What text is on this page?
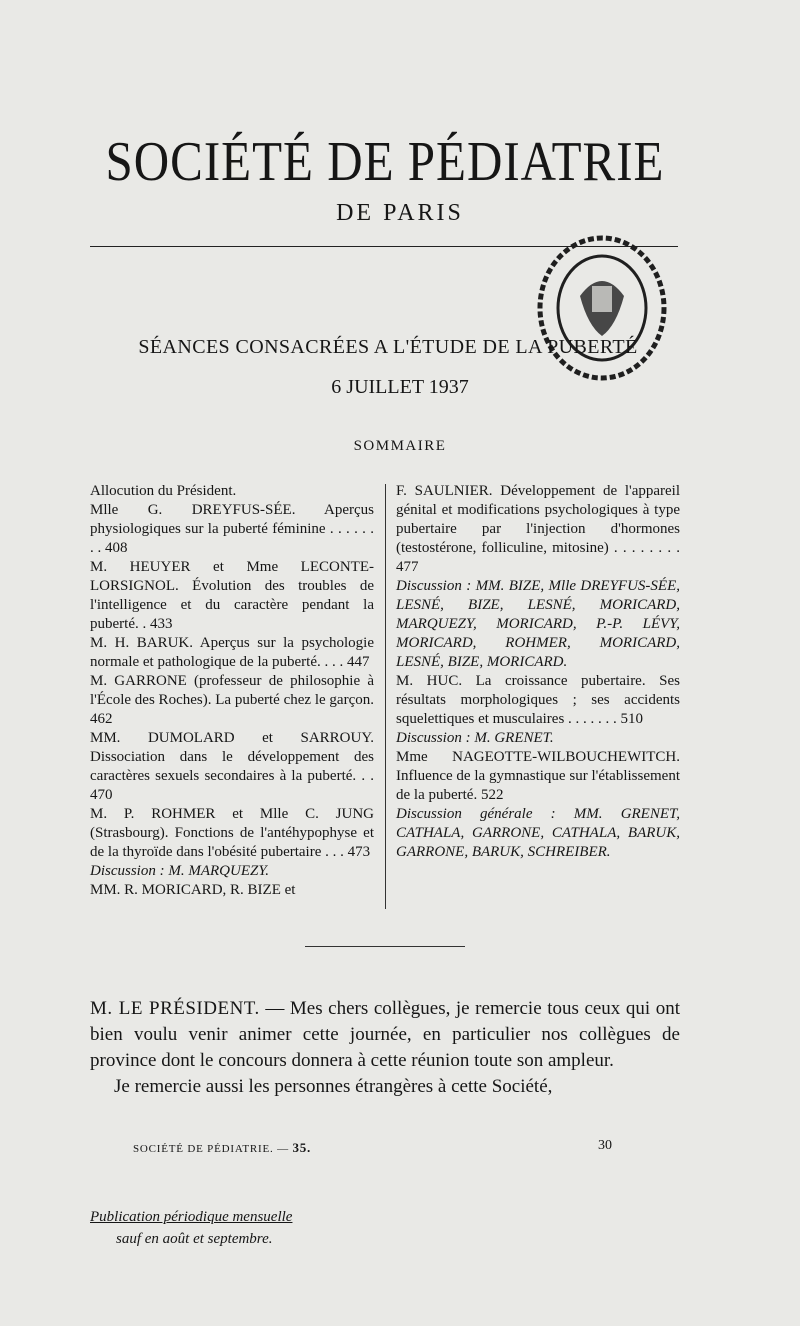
SOCIÉTÉ DE PÉDIATRIE
DE PARIS
SÉANCES CONSACRÉES A L'ÉTUDE DE LA PUBERTÉ
6 JUILLET 1937
SOMMAIRE

Allocution du Président.

Mlle G. DREYFUS-SÉE. Aperçus physiologiques sur la puberté féminine . . . . . . . . 408

M. HEUYER et Mme LECONTE-LORSIGNOL. Évolution des troubles de l'intelligence et du caractère pendant la puberté. . 433

M. H. BARUK. Aperçus sur la psychologie normale et pathologique de la puberté. . . . 447

M. GARRONE (professeur de philosophie à l'École des Roches). La puberté chez le garçon. 462

MM. DUMOLARD et SARROUY. Dissociation dans le développement des caractères sexuels secondaires à la puberté. . . 470

M. P. ROHMER et Mlle C. JUNG (Strasbourg). Fonctions de l'antéhypophyse et de la thyroïde dans l'obésité pubertaire . . . 473

Discussion : M. MARQUEZY.

MM. R. MORICARD, R. BIZE et

F. SAULNIER. Développement de l'appareil génital et modifications psychologiques à type pubertaire par l'injection d'hormones (testostérone, folliculine, mitosine) . . . . . . . . 477

Discussion : MM. BIZE, Mlle DREYFUS-SÉE, LESNÉ, BIZE, LESNÉ, MORICARD, MARQUEZY, MORICARD, P.-P. LÉVY, MORICARD, ROHMER, MORICARD, LESNÉ, BIZE, MORICARD.

M. HUC. La croissance pubertaire. Ses résultats morphologiques ; ses accidents squelettiques et musculaires . . . . . . . 510

Discussion : M. GRENET.

Mme NAGEOTTE-WILBOUCHEWITCH. Influence de la gymnastique sur l'établissement de la puberté. 522

Discussion générale : MM. GRENET, CATHALA, GARRONE, CATHALA, BARUK, GARRONE, BARUK, SCHREIBER.

M. LE PRÉSIDENT. — Mes chers collègues, je remercie tous ceux qui ont bien voulu venir animer cette journée, en particulier nos collègues de province dont le concours donnera à cette réunion toute son ampleur.

Je remercie aussi les personnes étrangères à cette Société,

SOCIÉTÉ DE PÉDIATRIE. — 35.	30
Publication périodique mensuelle
sauf en août et septembre.
